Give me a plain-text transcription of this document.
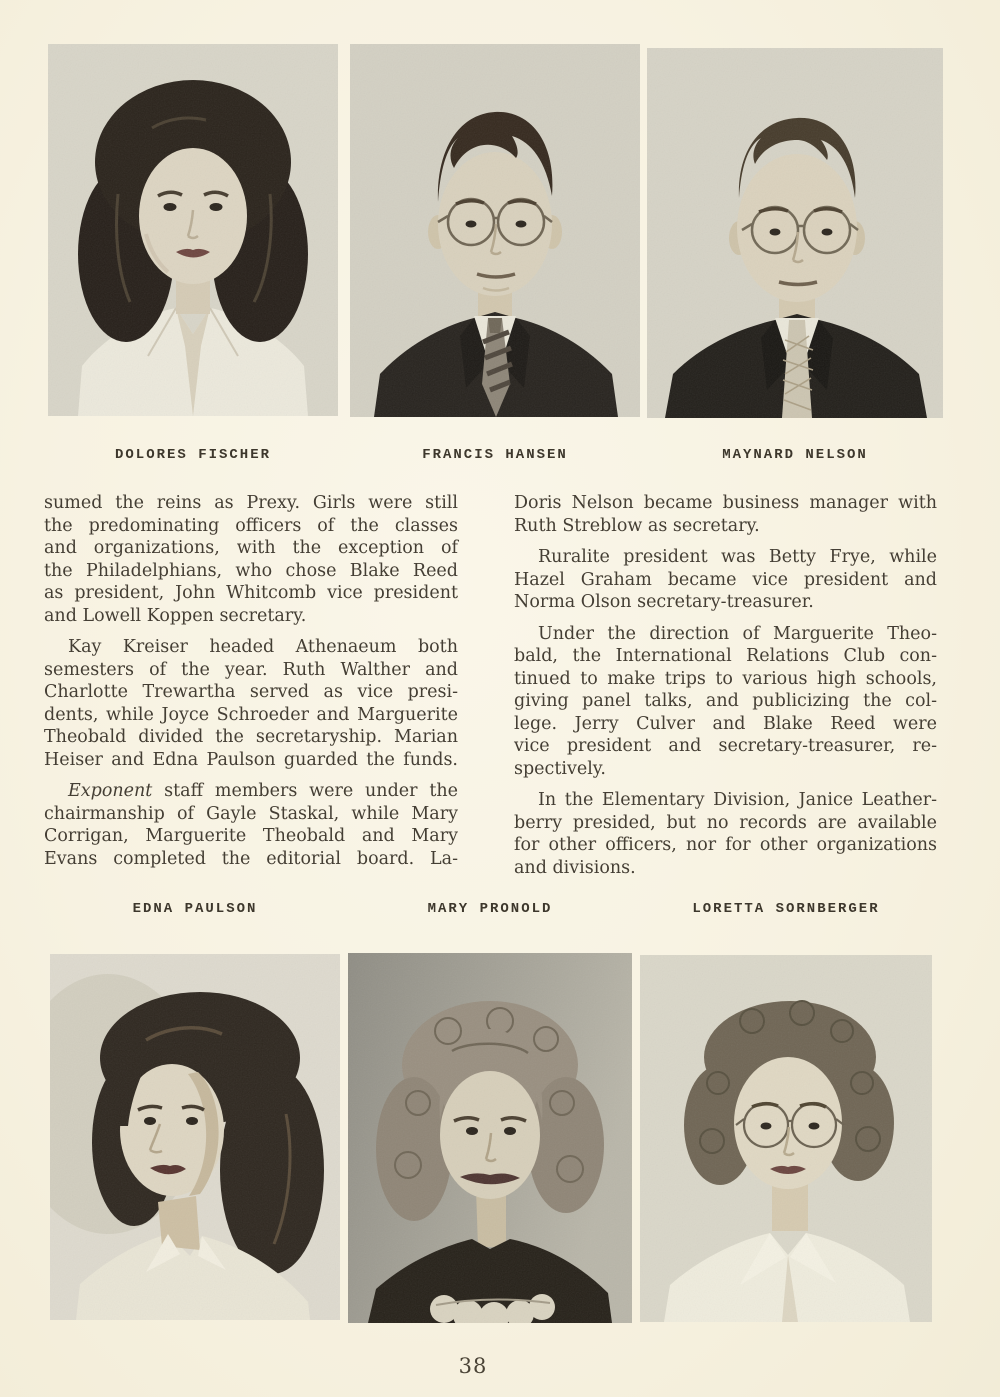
DOLORES FISCHER	FRANCIS HANSEN	MAYNARD NELSON
sumed the reins as Prexy. Girls were still
the predominating officers of the classes
and organizations, with the exception of
the Philadelphians, who chose Blake Reed
as president, John Whitcomb vice president
and Lowell Koppen secretary.
Kay Kreiser headed Athenaeum both
semesters of the year. Ruth Walther and
Charlotte Trewartha served as vice presi-
dents, while Joyce Schroeder and Marguerite
Theobald divided the secretaryship. Marian
Heiser and Edna Paulson guarded the funds.
Exponent staff members were under the
chairmanship of Gayle Staskal, while Mary
Corrigan, Marguerite Theobald and Mary
Evans completed the editorial board. La-
Doris Nelson became business manager with
Ruth Streblow as secretary.
Ruralite president was Betty Frye, while
Hazel Graham became vice president and
Norma Olson secretary-treasurer.
Under the direction of Marguerite Theo-
bald, the International Relations Club con-
tinued to make trips to various high schools,
giving panel talks, and publicizing the col-
lege. Jerry Culver and Blake Reed were
vice president and secretary-treasurer, re-
spectively.
In the Elementary Division, Janice Leather-
berry presided, but no records are available
for other officers, nor for other organizations
and divisions.
EDNA PAULSON	MARY PRONOLD	LORETTA SORNBERGER
38
